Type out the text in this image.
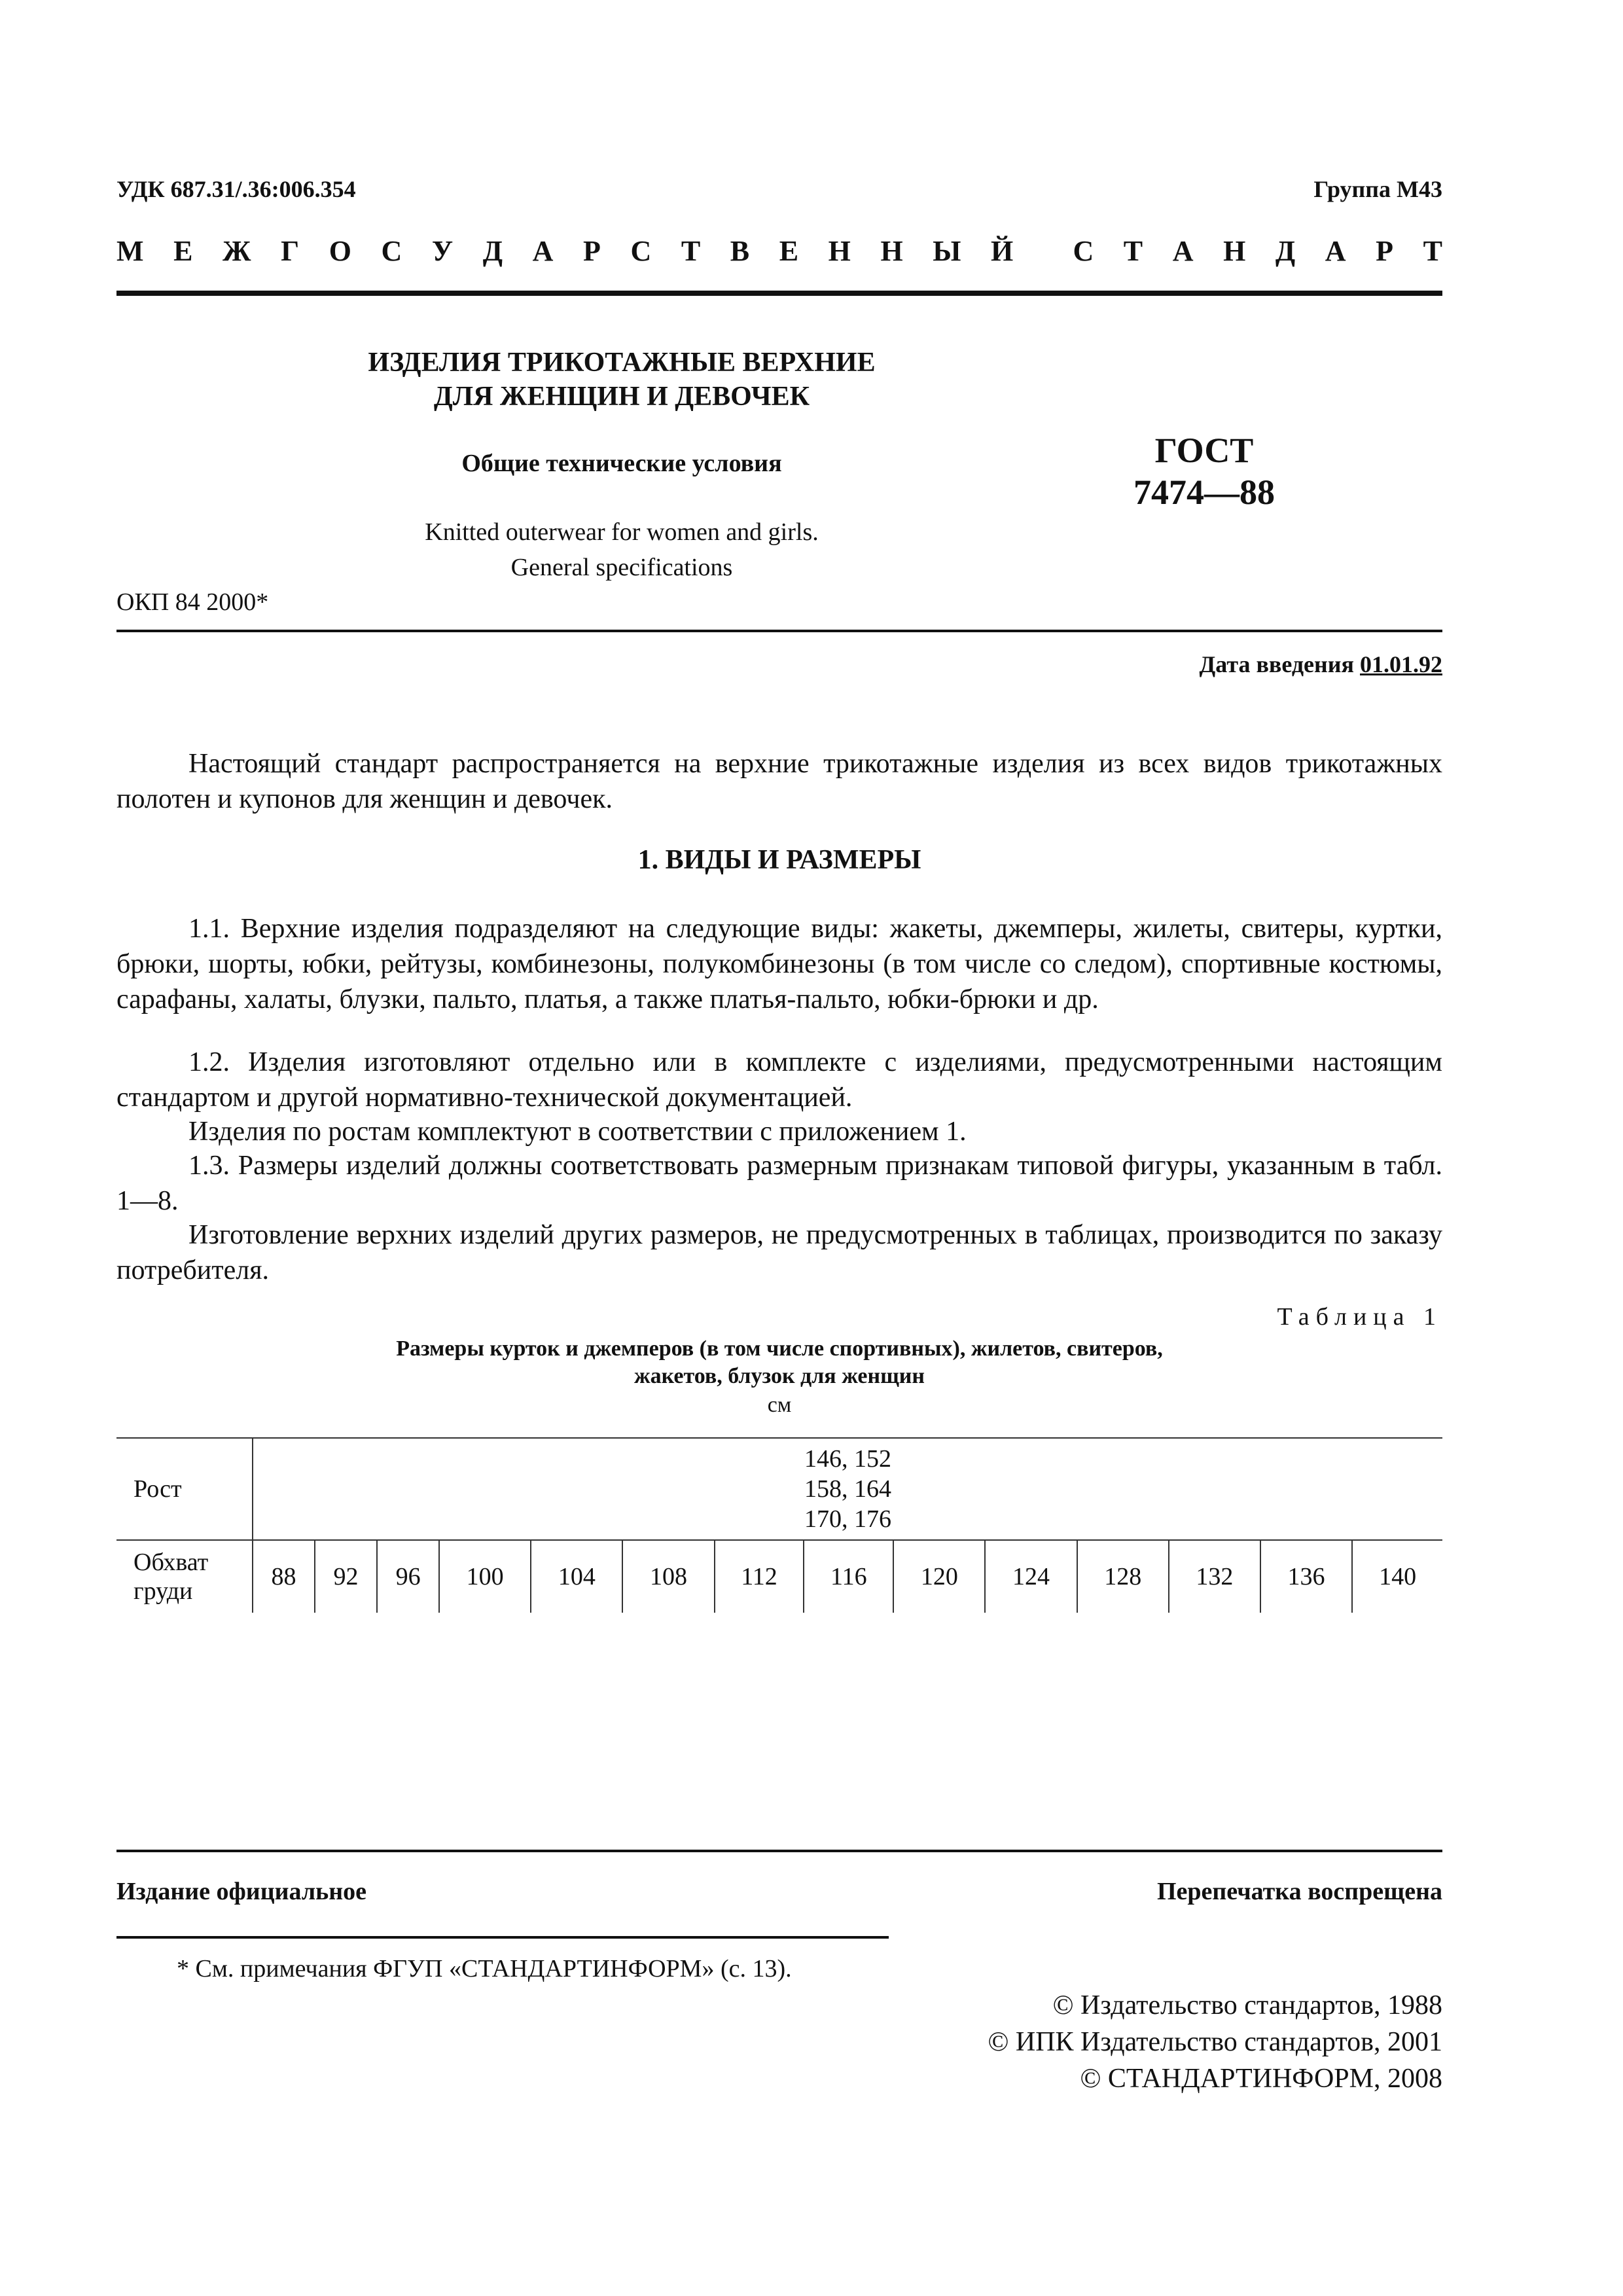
УДК 687.31/.36:006.354	Группа М43
М Е Ж Г О С У Д А Р С Т В Е Н Н Ы Й С Т А Н Д А Р Т
ИЗДЕЛИЯ ТРИКОТАЖНЫЕ ВЕРХНИЕ
ДЛЯ ЖЕНЩИН И ДЕВОЧЕК
Общие технические условия
Knitted outerwear for women and girls.
General specifications
ГОСТ
7474—88
ОКП 84 2000*
Дата введения 01.01.92
Настоящий стандарт распространяется на верхние трикотажные изделия из всех видов трикотажных полотен и купонов для женщин и девочек.
1. ВИДЫ И РАЗМЕРЫ
1.1. Верхние изделия подразделяют на следующие виды: жакеты, джемперы, жилеты, свитеры, куртки, брюки, шорты, юбки, рейтузы, комбинезоны, полукомбинезоны (в том числе со следом), спортивные костюмы, сарафаны, халаты, блузки, пальто, платья, а также платья-пальто, юбки-брюки и др.
1.2. Изделия изготовляют отдельно или в комплекте с изделиями, предусмотренными настоящим стандартом и другой нормативно-технической документацией.
Изделия по ростам комплектуют в соответствии с приложением 1.
1.3. Размеры изделий должны соответствовать размерным признакам типовой фигуры, указанным в табл. 1—8.
Изготовление верхних изделий других размеров, не предусмотренных в таблицах, производится по заказу потребителя.
Таблица 1
Размеры курток и джемперов (в том числе спортивных), жилетов, свитеров,
жакетов, блузок для женщин
см
Рост	146, 152
158, 164
170, 176													

Обхват
груди	88	92	96	100	104	108	112	116	120	124	128	132	136	140
Издание официальное	Перепечатка воспрещена
* См. примечания ФГУП «СТАНДАРТИНФОРМ» (с. 13).
© Издательство стандартов, 1988
© ИПК Издательство стандартов, 2001
© СТАНДАРТИНФОРМ, 2008
